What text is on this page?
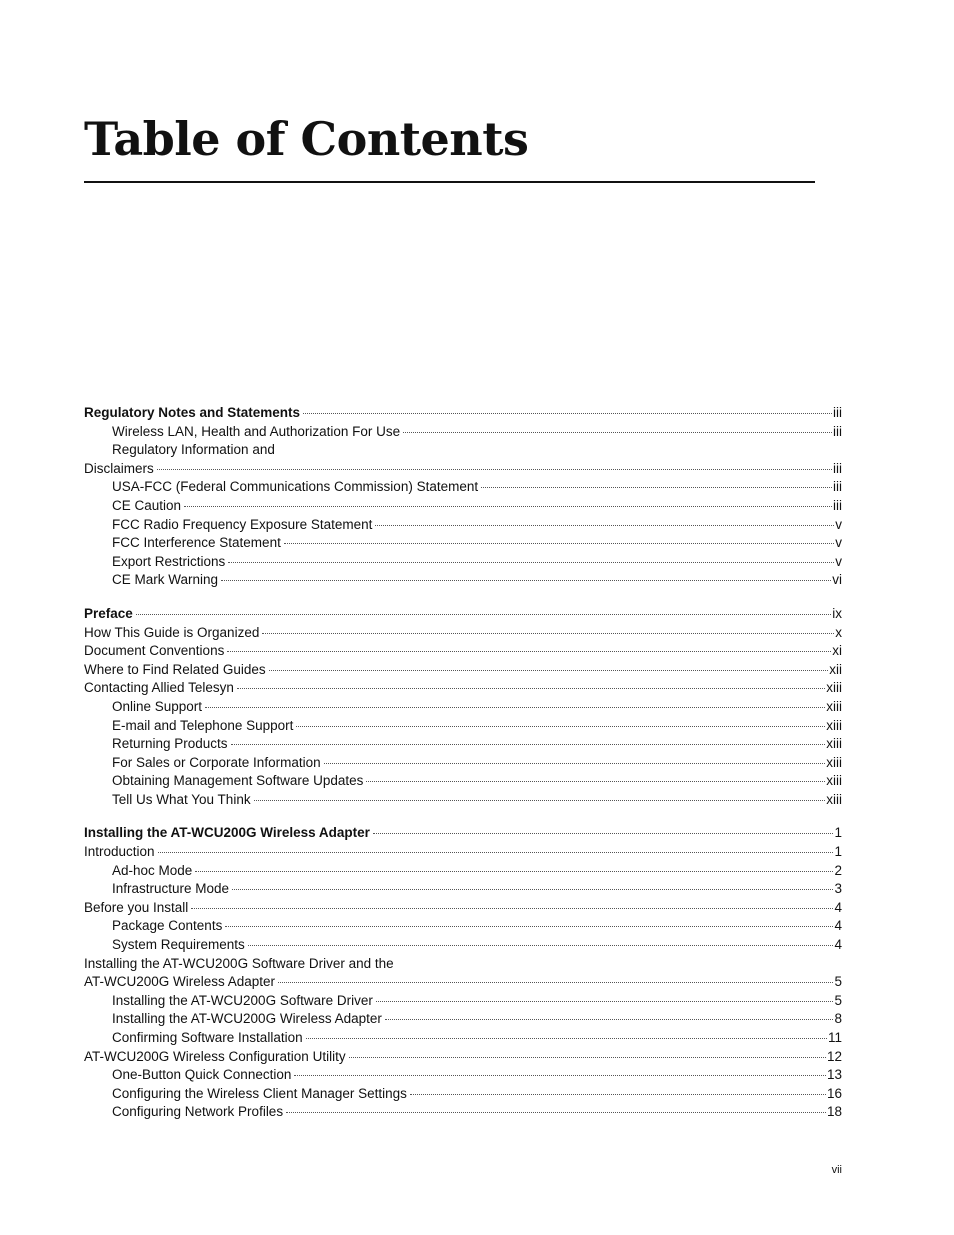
Table of Contents
Regulatory Notes and Statements	iii
Wireless LAN, Health and Authorization For Use	iii
Regulatory Information and
Disclaimers	iii
USA-FCC (Federal Communications Commission) Statement	iii
CE Caution	iii
FCC Radio Frequency Exposure Statement	v
FCC Interference Statement	v
Export Restrictions	v
CE Mark Warning	vi
Preface	ix
How This Guide is Organized	x
Document Conventions	xi
Where to Find Related Guides	xii
Contacting Allied Telesyn	xiii
Online Support	xiii
E-mail and Telephone Support	xiii
Returning Products	xiii
For Sales or Corporate Information	xiii
Obtaining Management Software Updates	xiii
Tell Us What You Think	xiii
Installing the AT-WCU200G Wireless Adapter	1
Introduction	1
Ad-hoc Mode	2
Infrastructure Mode	3
Before you Install	4
Package Contents	4
System Requirements	4
Installing the AT-WCU200G Software Driver and the
AT-WCU200G Wireless Adapter	5
Installing the AT-WCU200G Software Driver	5
Installing the AT-WCU200G Wireless Adapter	8
Confirming Software Installation	11
AT-WCU200G Wireless Configuration Utility	12
One-Button Quick Connection	13
Configuring the Wireless Client Manager Settings	16
Configuring Network Profiles	18
vii
